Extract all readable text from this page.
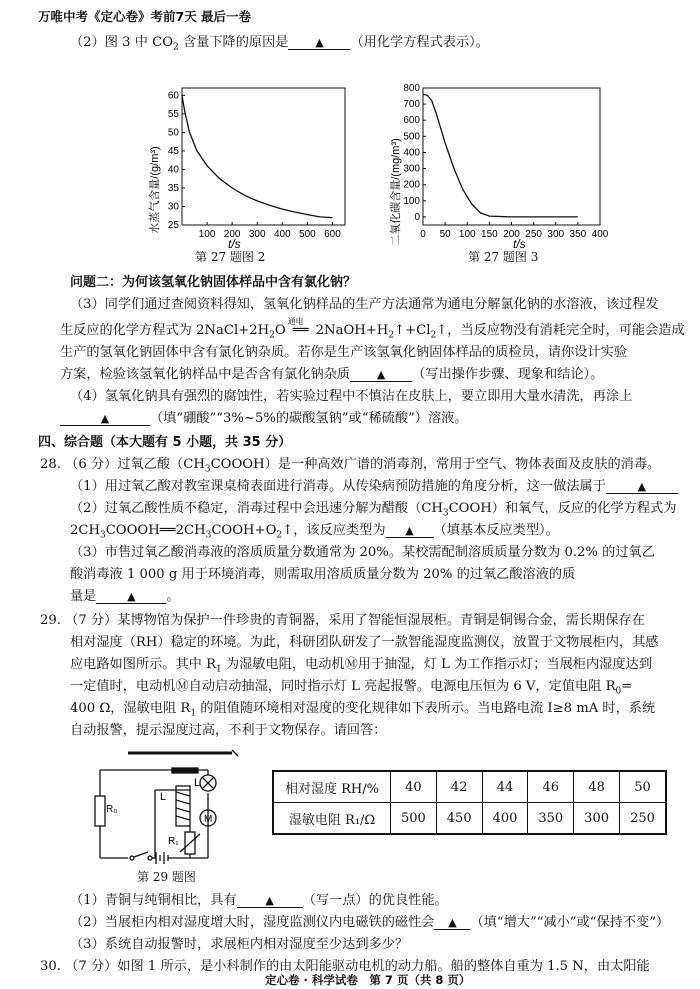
万唯中考《定心卷》考前7天 最后一卷
（2）图 3 中 $CO_2$ 含量下降的原因是 ▲ （用化学方程式表示）。
100 200 300 400 500 600
25
30
35
40
45
50
55
60
t/s
水蒸气含量/(g/m³)
第 27 题图 2
0 50 100 150 200 250 300 350 400
0
100
200
300
400
500
600
700
800
t/s
二氧化碳含量/(mg/m³)
第 27 题图 3
问题二：为何该氢氧化钠固体样品中含有氯化钠？
（3）同学们通过查阅资料得知，氢氧化钠样品的生产方法通常为通电分解氯化钠的水溶液，该过程发
生反应的化学方程式为 $2NaCl+2H_2O$
通电
══ $2NaOH+H_2↑+Cl_2↑$，当反应物没有消耗完全时，可能会造成
生产的氢氧化钠固体中含有氯化钠杂质。若你是生产该氢氧化钠固体样品的质检员，请你设计实验
方案，检验该氢氧化钠样品中是否含有氯化钠杂质 ▲ （写出操作步骤、现象和结论）。
（4）氢氧化钠具有强烈的腐蚀性，若实验过程中不慎沾在皮肤上，要立即用大量水清洗，再涂上
▲	（填“硼酸”“3%~5%的碳酸氢钠”或“稀硫酸”）溶液。
四、综合题（本大题有 5 小题，共 35 分）
28. （6 分）过氧乙酸$(CH_3COOOH)$是一种高效广谱的消毒剂，常用于空气、物体表面及皮肤的消毒。
（1）用过氧乙酸对教室课桌椅表面进行消毒。从传染病预防措施的角度分析，这一做法属于	▲
（2）过氧乙酸性质不稳定，消毒过程中会迅速分解为醋酸$(CH_3COOH)$和氧气，反应的化学方程式为
$2CH_3COOOH══2CH_3COOH+O_2↑$，该反应类型为 ▲ （填基本反应类型）。
（3）市售过氧乙酸消毒液的溶质质量分数通常为 20%。某校需配制溶质质量分数为 0.2% 的过氧乙
酸消毒液 1 000 g 用于环境消毒，则需取用溶质质量分数为 20% 的过氧乙酸溶液的质
量是	▲ 。
29. （7 分）某博物馆为保护一件珍贵的青铜器，采用了智能恒湿展柜。青铜是铜锡合金，需长期保存在
相对湿度（RH）稳定的环境。为此，科研团队研发了一款智能湿度监测仪，放置于文物展柜内，其感
应电路如图所示。其中 $R_1$ 为湿敏电阻，电动机Ⓜ用于抽湿，灯 L 为工作指示灯；当展柜内湿度达到
一定值时，电动机Ⓜ自动启动抽湿，同时指示灯 L 亮起报警。电源电压恒为 6 V，定值电阻 $R_0=$
400 Ω，湿敏电阻 $R_1$ 的阻值随环境相对湿度的变化规律如下表所示。当电路电流 I≥8 mA 时，系统
自动报警，提示湿度过高，不利于文物保存。请回答：
R₀
L
L
M
R₁
第 29 题图
相对湿度 RH/%	40	42	44	46	48	50
湿敏电阻 R₁/Ω	500	450	400	350	300	250
（1）青铜与纯铜相比，具有	▲ （写一点）的优良性能。
（2）当展柜内相对湿度增大时，湿度监测仪内电磁铁的磁性会 ▲ （填“增大”“减小”或“保持不变”）
（3）系统自动报警时，求展柜内相对湿度至少达到多少？
30. （7 分）如图 1 所示，是小科制作的由太阳能驱动电机的动力船。船的整体自重为 1.5 N，由太阳能
定心卷 · 科学试卷　第 7 页（共 8 页）
